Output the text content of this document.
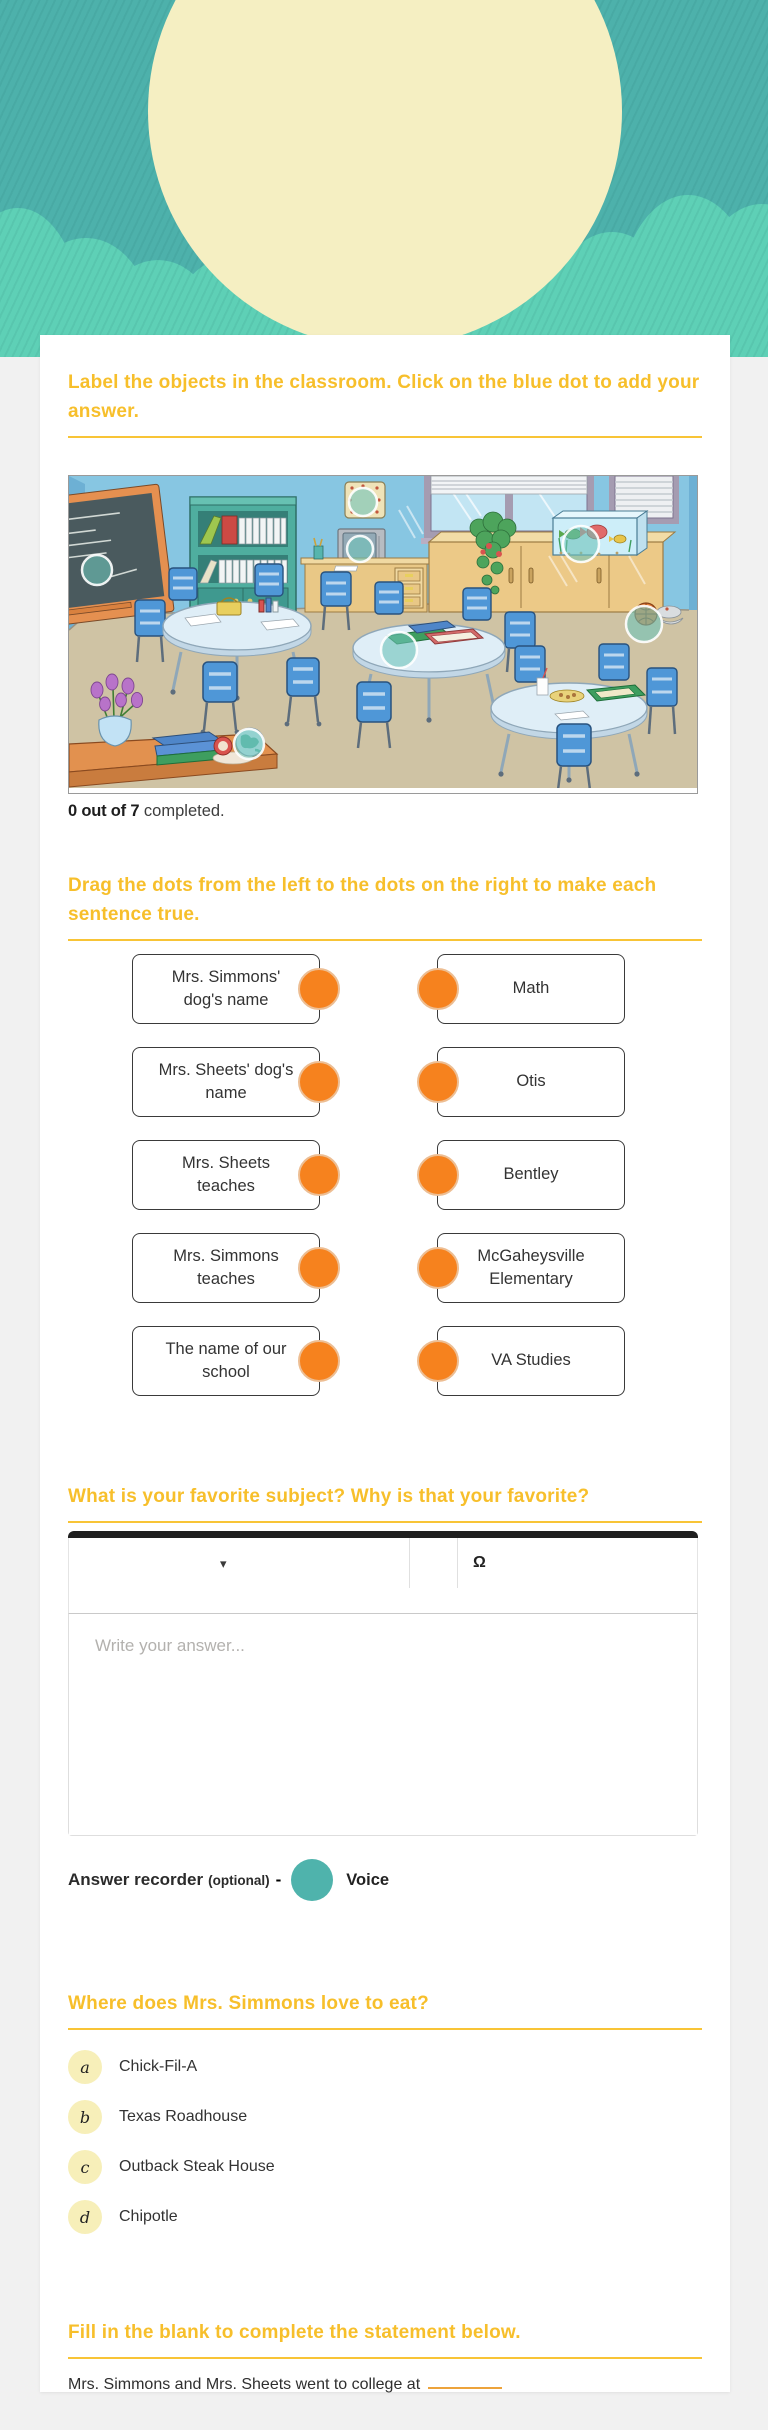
Label the objects in the classroom. Click on the blue dot to add your answer.
0 out of 7 completed.
Drag the dots from the left to the dots on the right to make each sentence true.
Mrs. Simmons' dog's name
Math
Mrs. Sheets' dog's name
Otis
Mrs. Sheets teaches
Bentley
Mrs. Simmons teaches
McGaheysville Elementary
The name of our school
VA Studies
What is your favorite subject? Why is that your favorite?
▾	Ω
Write your answer...
Answer recorder (optional) -	Voice
Where does Mrs. Simmons love to eat?
a	Chick-Fil-A
b	Texas Roadhouse
c	Outback Steak House
d	Chipotle
Fill in the blank to complete the statement below.
Mrs. Simmons and Mrs. Sheets went to college at
